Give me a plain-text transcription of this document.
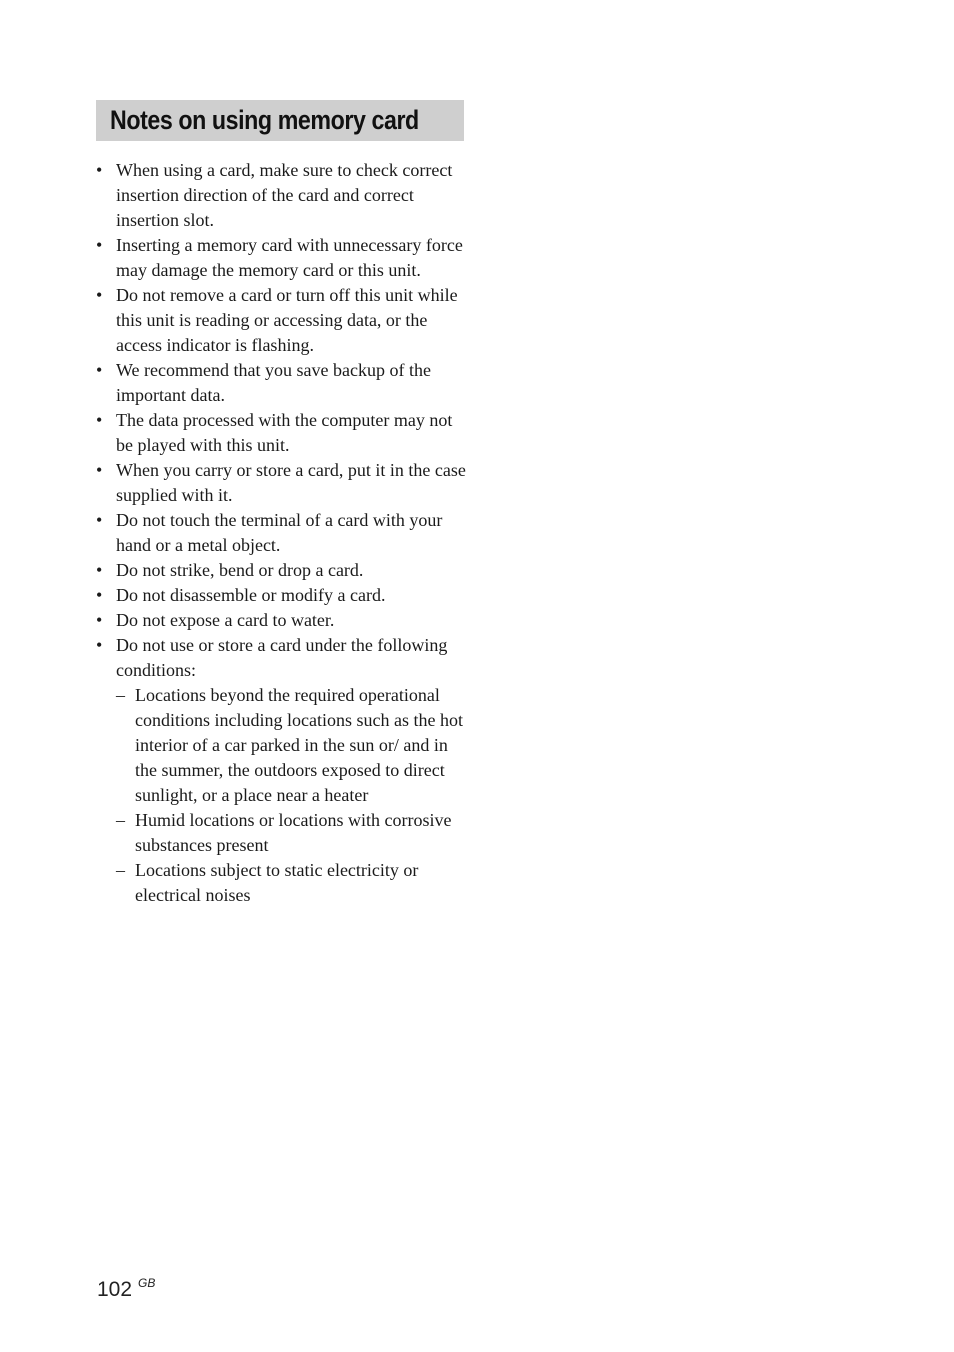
Notes on using memory card
• When using a card, make sure to check correct insertion direction of the card and correct insertion slot.
• Inserting a memory card with unnecessary force may damage the memory card or this unit.
• Do not remove a card or turn off this unit while this unit is reading or accessing data, or the access indicator is flashing.
• We recommend that you save backup of the important data.
• The data processed with the computer may not be played with this unit.
• When you carry or store a card, put it in the case supplied with it.
• Do not touch the terminal of a card with your hand or a metal object.
• Do not strike, bend or drop a card.
• Do not disassemble or modify a card.
• Do not expose a card to water.
• Do not use or store a card under the following conditions:
– Locations beyond the required operational conditions including locations such as the hot interior of a car parked in the sun or/ and in the summer, the outdoors exposed to direct sunlight, or a place near a heater
– Humid locations or locations with corrosive substances present
– Locations subject to static electricity or electrical noises
102 $^{GB}$
